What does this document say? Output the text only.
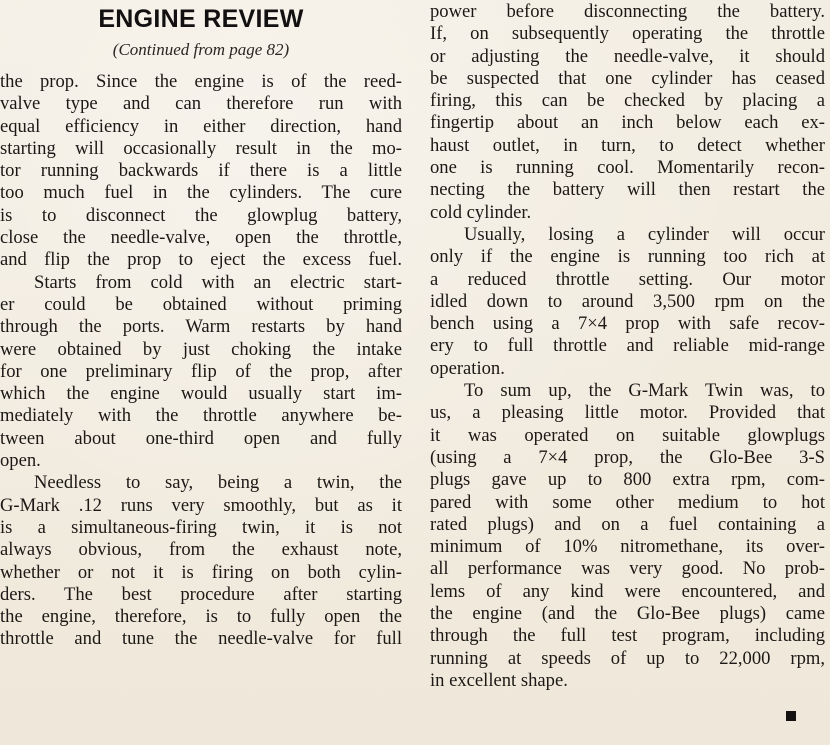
ENGINE REVIEW
(Continued from page 82)
the prop. Since the engine is of the reed-
valve type and can therefore run with
equal efficiency in either direction, hand
starting will occasionally result in the mo-
tor running backwards if there is a little
too much fuel in the cylinders. The cure
is to disconnect the glowplug battery,
close the needle-valve, open the throttle,
and flip the prop to eject the excess fuel.
Starts from cold with an electric start-
er could be obtained without priming
through the ports. Warm restarts by hand
were obtained by just choking the intake
for one preliminary flip of the prop, after
which the engine would usually start im-
mediately with the throttle anywhere be-
tween about one-third open and fully
open.
Needless to say, being a twin, the
G-Mark .12 runs very smoothly, but as it
is a simultaneous-firing twin, it is not
always obvious, from the exhaust note,
whether or not it is firing on both cylin-
ders. The best procedure after starting
the engine, therefore, is to fully open the
throttle and tune the needle-valve for full
power before disconnecting the battery.
If, on subsequently operating the throttle
or adjusting the needle-valve, it should
be suspected that one cylinder has ceased
firing, this can be checked by placing a
fingertip about an inch below each ex-
haust outlet, in turn, to detect whether
one is running cool. Momentarily recon-
necting the battery will then restart the
cold cylinder.
Usually, losing a cylinder will occur
only if the engine is running too rich at
a reduced throttle setting. Our motor
idled down to around 3,500 rpm on the
bench using a 7×4 prop with safe recov-
ery to full throttle and reliable mid-range
operation.
To sum up, the G-Mark Twin was, to
us, a pleasing little motor. Provided that
it was operated on suitable glowplugs
(using a 7×4 prop, the Glo-Bee 3-S
plugs gave up to 800 extra rpm, com-
pared with some other medium to hot
rated plugs) and on a fuel containing a
minimum of 10% nitromethane, its over-
all performance was very good. No prob-
lems of any kind were encountered, and
the engine (and the Glo-Bee plugs) came
through the full test program, including
running at speeds of up to 22,000 rpm,
in excellent shape.
